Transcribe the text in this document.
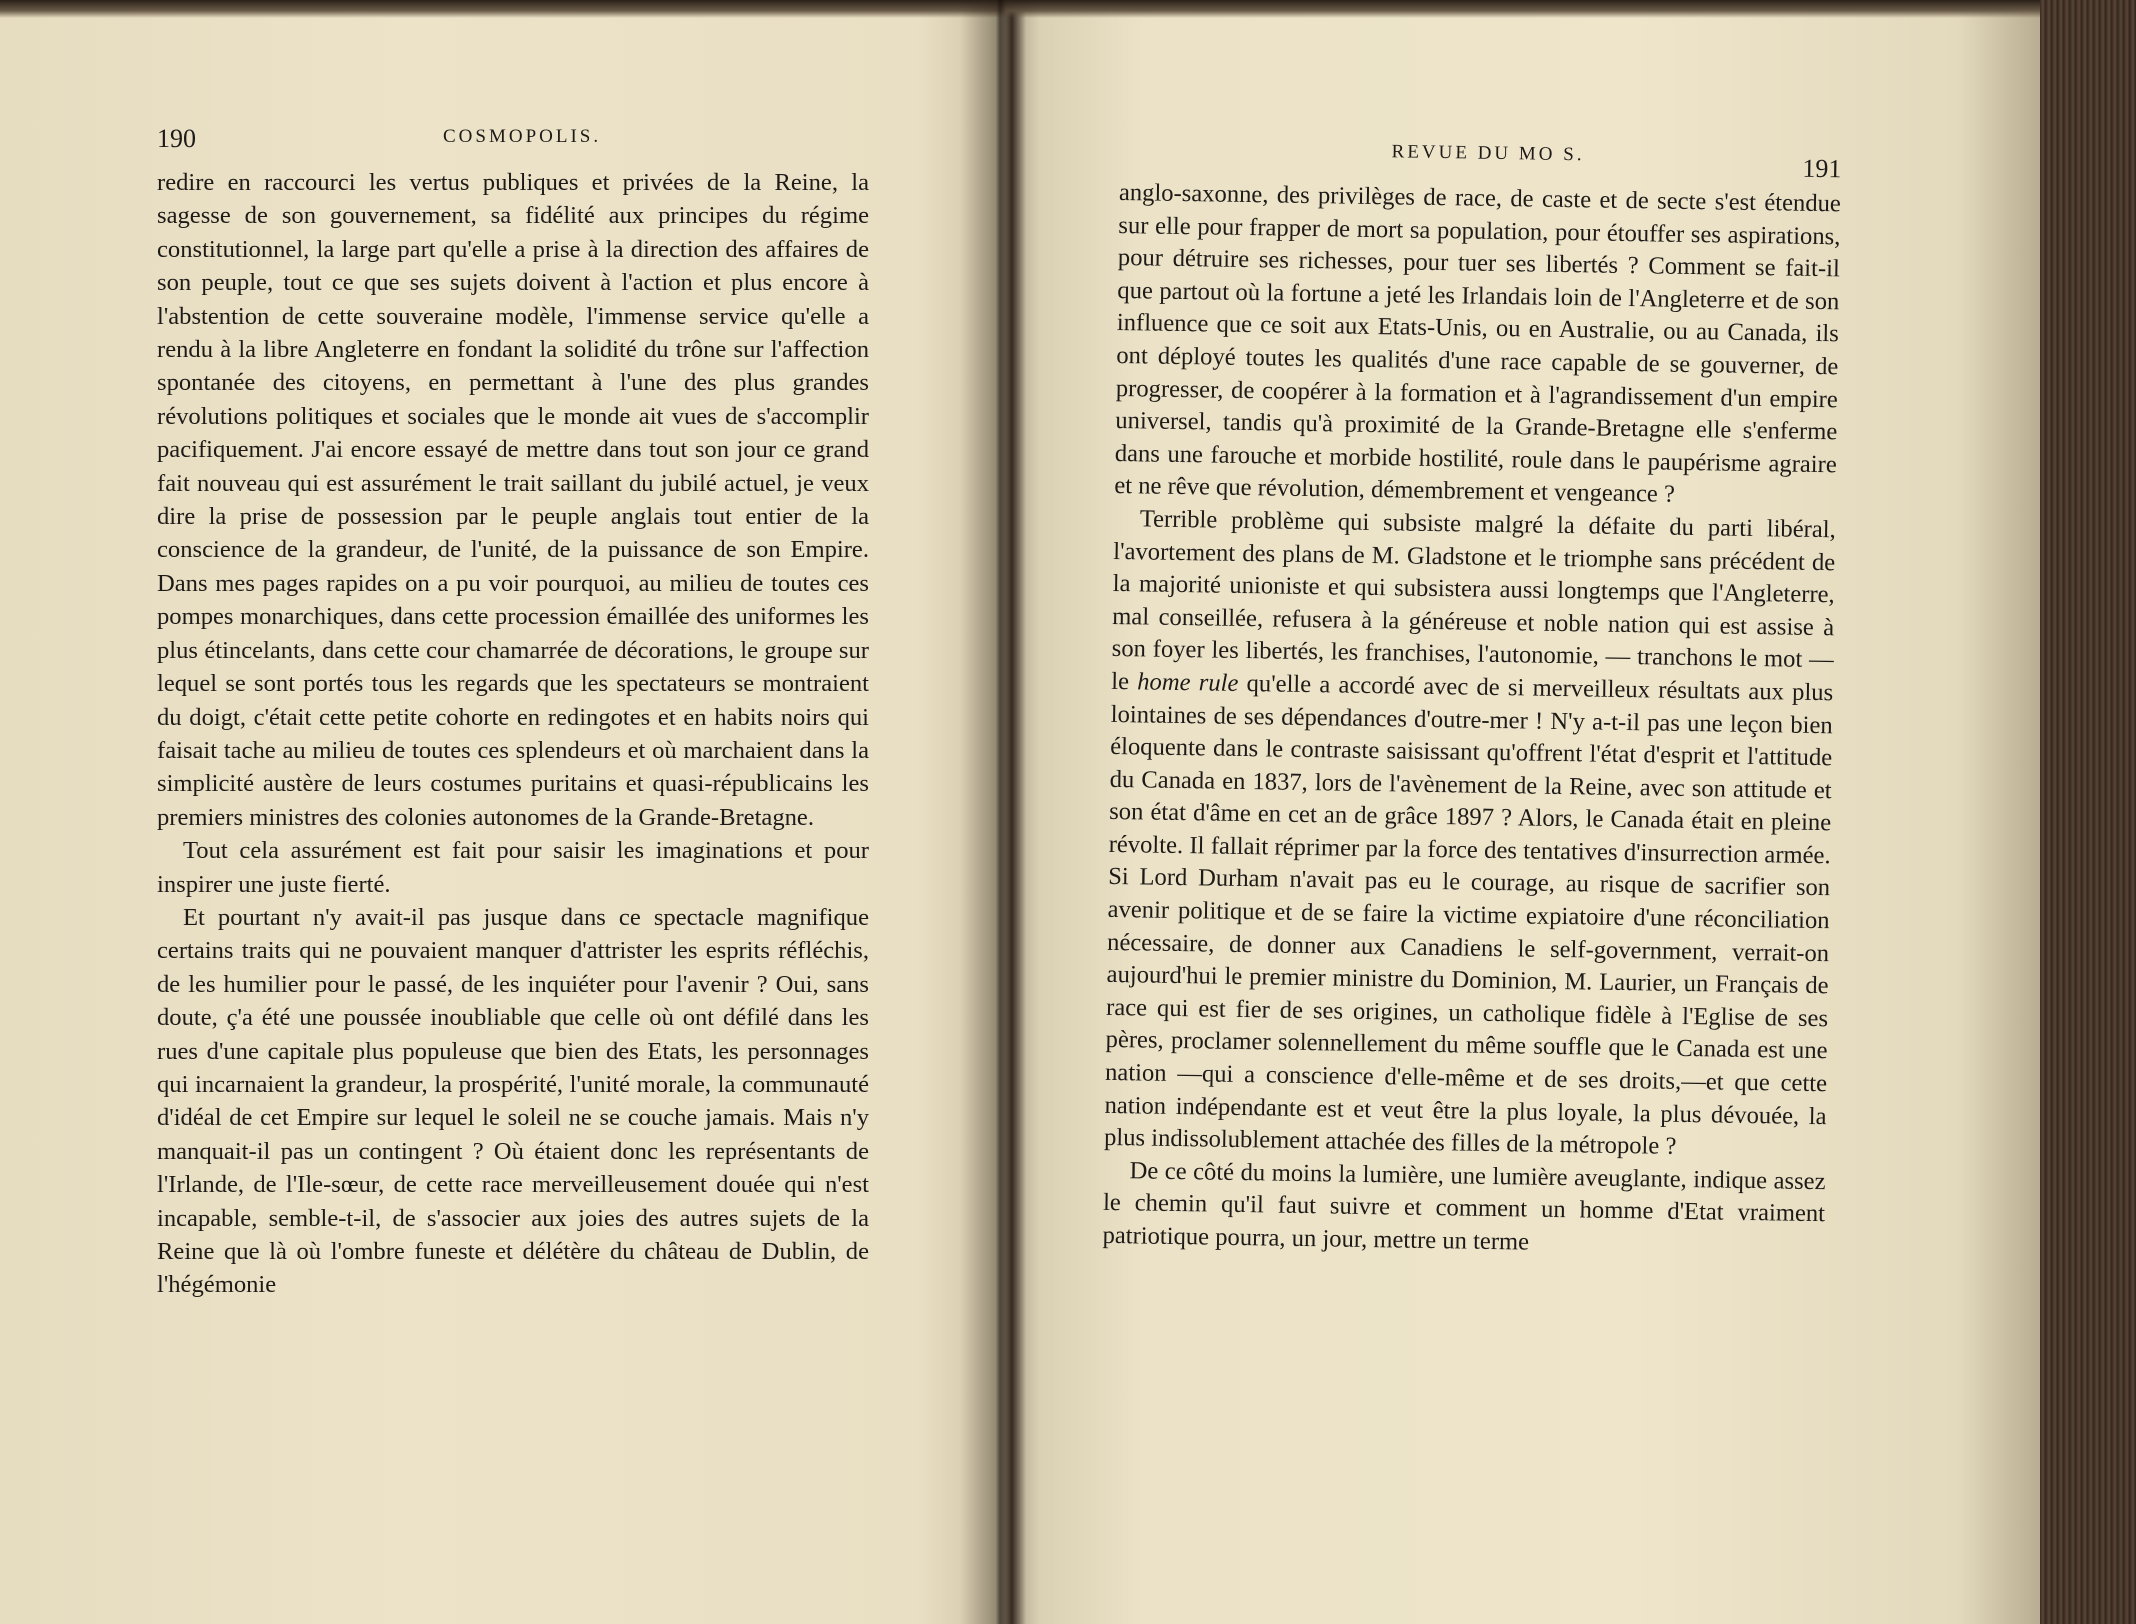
190	COSMOPOLIS.

redire en raccourci les vertus publiques et privées de la Reine, la sagesse de son gouvernement, sa fidélité aux principes du régime constitutionnel, la large part qu'elle a prise à la direction des affaires de son peuple, tout ce que ses sujets doivent à l'action et plus encore à l'abstention de cette souveraine modèle, l'immense service qu'elle a rendu à la libre Angleterre en fondant la solidité du trône sur l'affection spontanée des citoyens, en permettant à l'une des plus grandes révolutions politiques et sociales que le monde ait vues de s'accomplir pacifiquement. J'ai encore essayé de mettre dans tout son jour ce grand fait nouveau qui est assurément le trait saillant du jubilé actuel, je veux dire la prise de possession par le peuple anglais tout entier de la conscience de la grandeur, de l'unité, de la puissance de son Empire. Dans mes pages rapides on a pu voir pourquoi, au milieu de toutes ces pompes monarchiques, dans cette procession émaillée des uniformes les plus étincelants, dans cette cour chamarrée de décorations, le groupe sur lequel se sont portés tous les regards que les spectateurs se montraient du doigt, c'était cette petite cohorte en redingotes et en habits noirs qui faisait tache au milieu de toutes ces splendeurs et où marchaient dans la simplicité austère de leurs costumes puritains et quasi-républicains les premiers ministres des colonies autonomes de la Grande-Bretagne.

Tout cela assurément est fait pour saisir les imaginations et pour inspirer une juste fierté.

Et pourtant n'y avait-il pas jusque dans ce spectacle magnifique certains traits qui ne pouvaient manquer d'attrister les esprits réfléchis, de les humilier pour le passé, de les inquiéter pour l'avenir ? Oui, sans doute, ç'a été une poussée inoubliable que celle où ont défilé dans les rues d'une capitale plus populeuse que bien des Etats, les personnages qui incarnaient la grandeur, la prospérité, l'unité morale, la communauté d'idéal de cet Empire sur lequel le soleil ne se couche jamais. Mais n'y manquait-il pas un contingent ? Où étaient donc les représentants de l'Irlande, de l'Ile-sœur, de cette race merveilleusement douée qui n'est incapable, semble-t-il, de s'associer aux joies des autres sujets de la Reine que là où l'ombre funeste et délétère du château de Dublin, de l'hégémonie

REVUE DU MO S.
191

anglo-saxonne, des privilèges de race, de caste et de secte s'est étendue sur elle pour frapper de mort sa population, pour étouffer ses aspirations, pour détruire ses richesses, pour tuer ses libertés ? Comment se fait-il que partout où la fortune a jeté les Irlandais loin de l'Angleterre et de son influence que ce soit aux Etats-Unis, ou en Australie, ou au Canada, ils ont déployé toutes les qualités d'une race capable de se gouverner, de progresser, de coopérer à la formation et à l'agrandissement d'un empire universel, tandis qu'à proximité de la Grande-Bretagne elle s'enferme dans une farouche et morbide hostilité, roule dans le paupérisme agraire et ne rêve que révolution, démembrement et vengeance ?

Terrible problème qui subsiste malgré la défaite du parti libéral, l'avortement des plans de M. Gladstone et le triomphe sans précédent de la majorité unioniste et qui subsistera aussi longtemps que l'Angleterre, mal conseillée, refusera à la généreuse et noble nation qui est assise à son foyer les libertés, les franchises, l'autonomie, — tranchons le mot — le home rule qu'elle a accordé avec de si merveilleux résultats aux plus lointaines de ses dépendances d'outre-mer ! N'y a-t-il pas une leçon bien éloquente dans le contraste saisissant qu'offrent l'état d'esprit et l'attitude du Canada en 1837, lors de l'avènement de la Reine, avec son attitude et son état d'âme en cet an de grâce 1897 ? Alors, le Canada était en pleine révolte. Il fallait réprimer par la force des tentatives d'insurrection armée. Si Lord Durham n'avait pas eu le courage, au risque de sacrifier son avenir politique et de se faire la victime expiatoire d'une réconciliation nécessaire, de donner aux Canadiens le self-government, verrait-on aujourd'hui le premier ministre du Dominion, M. Laurier, un Français de race qui est fier de ses origines, un catholique fidèle à l'Eglise de ses pères, proclamer solennellement du même souffle que le Canada est une nation —qui a conscience d'elle-même et de ses droits,—et que cette nation indépendante est et veut être la plus loyale, la plus dévouée, la plus indissolublement attachée des filles de la métropole ?

De ce côté du moins la lumière, une lumière aveuglante, indique assez le chemin qu'il faut suivre et comment un homme d'Etat vraiment patriotique pourra, un jour, mettre un terme
